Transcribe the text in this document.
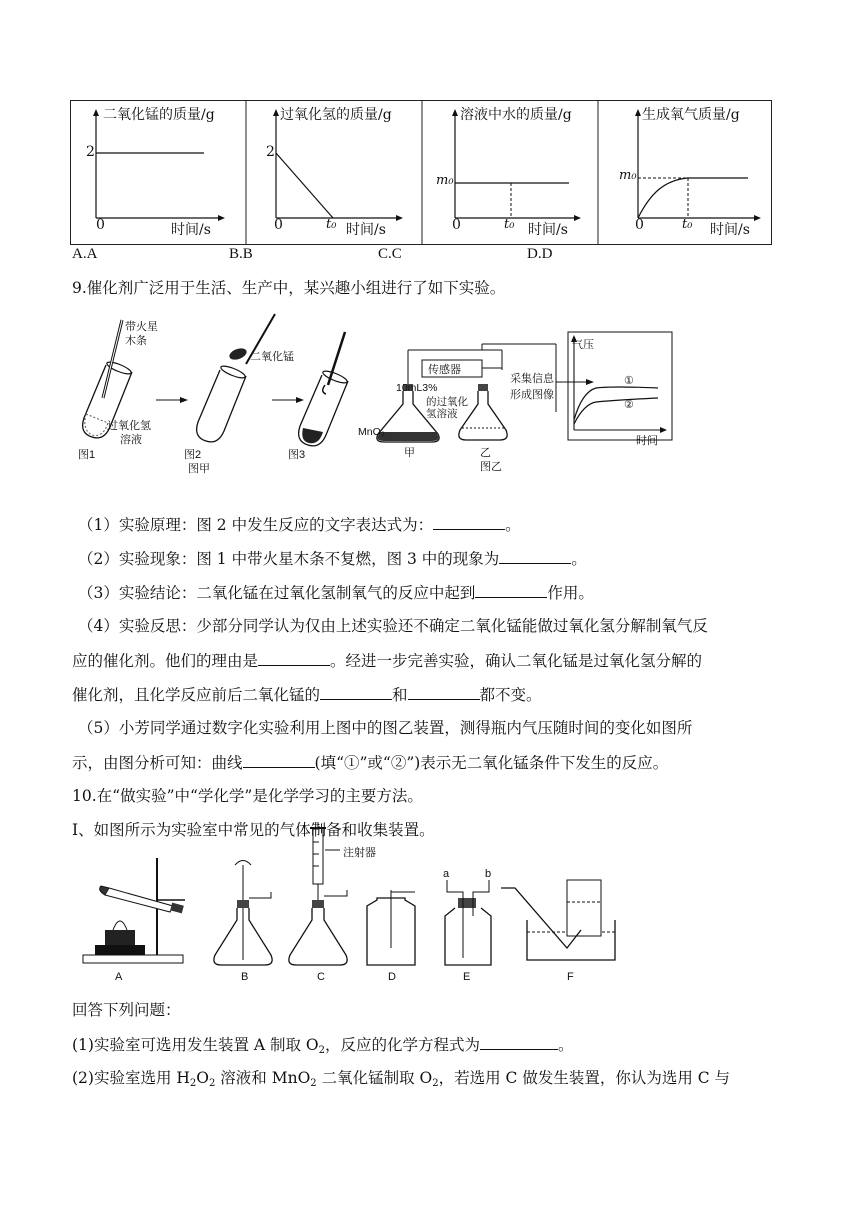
二氧化锰的质量/g
2
0	时间/s
过氧化氢的质量/g
2
0	t₀ 时间/s
溶液中水的质量/g
m₀
0	t₀ 时间/s
生成氧气质量/g
m₀
0	t₀ 时间/s
A.A	B.B	C.C	D.D
9.催化剂广泛用于生活、生产中，某兴趣小组进行了如下实验。
带火星
木条
过氧化氢
溶液
二氧化锰
图1	图2	图3
图甲
传感器
10mL3%
的过氧化
氢溶液
MnO₂
甲	乙
图乙
采集信息
形成图像
气压
时间
①
②
（1）实验原理：图 2 中发生反应的文字表达式为：	。
（2）实验现象：图 1 中带火星木条不复燃，图 3 中的现象为	。
（3）实验结论：二氧化锰在过氧化氢制氧气的反应中起到	作用。
（4）实验反思：少部分同学认为仅由上述实验还不确定二氧化锰能做过氧化氢分解制氧气反
应的催化剂。他们的理由是	。经进一步完善实验，确认二氧化锰是过氧化氢分解的
催化剂，且化学反应前后二氧化锰的	和	都不变。
（5）小芳同学通过数字化实验利用上图中的图乙装置，测得瓶内气压随时间的变化如图所
示，由图分析可知：曲线	(填“①”或“②”)表示无二氧化锰条件下发生的反应。
10.在“做实验”中“学化学”是化学学习的主要方法。
Ⅰ、如图所示为实验室中常见的气体制备和收集装置。
A	B	C	D	E	F
注射器
a	b
回答下列问题：
(1)实验室可选用发生装置 A 制取 $O_2$，反应的化学方程式为	。
(2)实验室选用 $H_2O_2$ 溶液和 MnO$_2$ 二氧化锰制取 $O_2$，若选用 C 做发生装置，你认为选用 C 与
